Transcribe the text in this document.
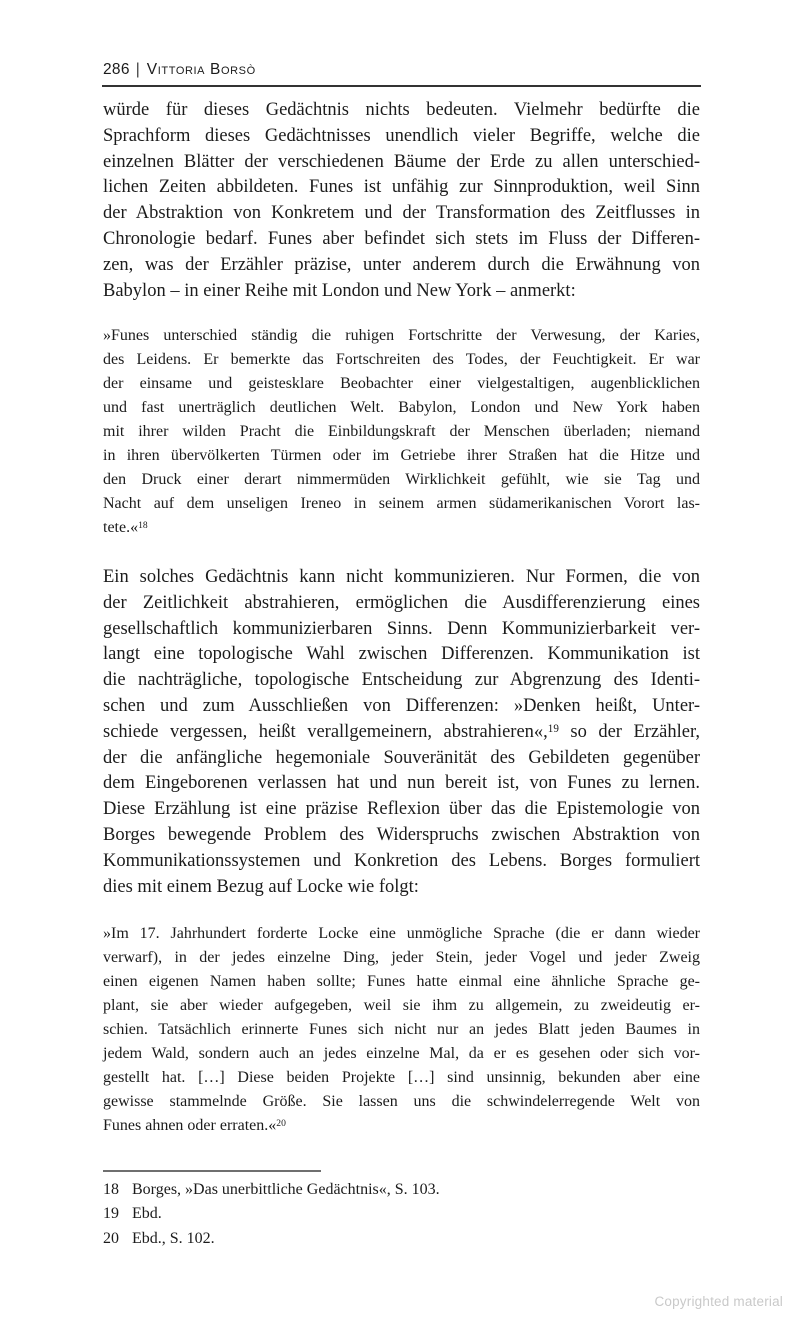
286 | Vittoria Borsò
würde für dieses Gedächtnis nichts bedeuten. Vielmehr bedürfte die
Sprachform dieses Gedächtnisses unendlich vieler Begriffe, welche die
einzelnen Blätter der verschiedenen Bäume der Erde zu allen unterschied-
lichen Zeiten abbildeten. Funes ist unfähig zur Sinnproduktion, weil Sinn
der Abstraktion von Konkretem und der Transformation des Zeitflusses in
Chronologie bedarf. Funes aber befindet sich stets im Fluss der Differen-
zen, was der Erzähler präzise, unter anderem durch die Erwähnung von
Babylon – in einer Reihe mit London und New York – anmerkt:
»Funes unterschied ständig die ruhigen Fortschritte der Verwesung, der Karies,
des Leidens. Er bemerkte das Fortschreiten des Todes, der Feuchtigkeit. Er war
der einsame und geistesklare Beobachter einer vielgestaltigen, augenblicklichen
und fast unerträglich deutlichen Welt. Babylon, London und New York haben
mit ihrer wilden Pracht die Einbildungskraft der Menschen überladen; niemand
in ihren übervölkerten Türmen oder im Getriebe ihrer Straßen hat die Hitze und
den Druck einer derart nimmermüden Wirklichkeit gefühlt, wie sie Tag und
Nacht auf dem unseligen Ireneo in seinem armen südamerikanischen Vorort las-
tete.«$^{18}$
Ein solches Gedächtnis kann nicht kommunizieren. Nur Formen, die von
der Zeitlichkeit abstrahieren, ermöglichen die Ausdifferenzierung eines
gesellschaftlich kommunizierbaren Sinns. Denn Kommunizierbarkeit ver-
langt eine topologische Wahl zwischen Differenzen. Kommunikation ist
die nachträgliche, topologische Entscheidung zur Abgrenzung des Identi-
schen und zum Ausschließen von Differenzen: »Denken heißt, Unter-
schiede vergessen, heißt verallgemeinern, abstrahieren«,$^{19}$ so der Erzähler,
der die anfängliche hegemoniale Souveränität des Gebildeten gegenüber
dem Eingeborenen verlassen hat und nun bereit ist, von Funes zu lernen.
Diese Erzählung ist eine präzise Reflexion über das die Epistemologie von
Borges bewegende Problem des Widerspruchs zwischen Abstraktion von
Kommunikationssystemen und Konkretion des Lebens. Borges formuliert
dies mit einem Bezug auf Locke wie folgt:
»Im 17. Jahrhundert forderte Locke eine unmögliche Sprache (die er dann wieder
verwarf), in der jedes einzelne Ding, jeder Stein, jeder Vogel und jeder Zweig
einen eigenen Namen haben sollte; Funes hatte einmal eine ähnliche Sprache ge-
plant, sie aber wieder aufgegeben, weil sie ihm zu allgemein, zu zweideutig er-
schien. Tatsächlich erinnerte Funes sich nicht nur an jedes Blatt jeden Baumes in
jedem Wald, sondern auch an jedes einzelne Mal, da er es gesehen oder sich vor-
gestellt hat. […] Diese beiden Projekte […] sind unsinnig, bekunden aber eine
gewisse stammelnde Größe. Sie lassen uns die schwindelerregende Welt von
Funes ahnen oder erraten.«$^{20}$
18 Borges, »Das unerbittliche Gedächtnis«, S. 103.
19 Ebd.
20 Ebd., S. 102.
Copyrighted material
